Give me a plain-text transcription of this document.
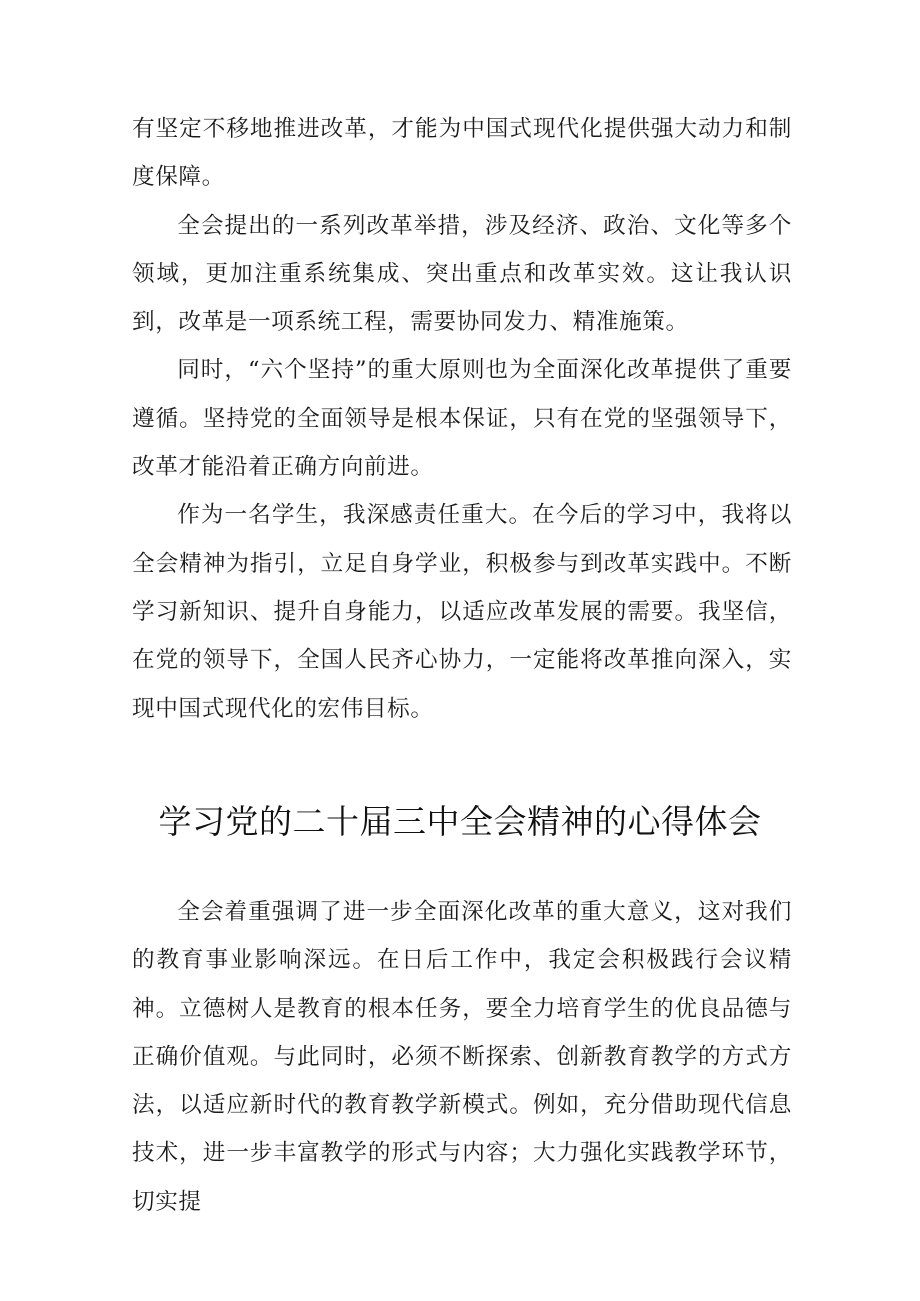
有坚定不移地推进改革，才能为中国式现代化提供强大动力和制度保障。

全会提出的一系列改革举措，涉及经济、政治、文化等多个领域，更加注重系统集成、突出重点和改革实效。这让我认识到，改革是一项系统工程，需要协同发力、精准施策。

同时，“六个坚持”的重大原则也为全面深化改革提供了重要遵循。坚持党的全面领导是根本保证，只有在党的坚强领导下，改革才能沿着正确方向前进。

作为一名学生，我深感责任重大。在今后的学习中，我将以全会精神为指引，立足自身学业，积极参与到改革实践中。不断学习新知识、提升自身能力，以适应改革发展的需要。我坚信，在党的领导下，全国人民齐心协力，一定能将改革推向深入，实现中国式现代化的宏伟目标。

学习党的二十届三中全会精神的心得体会

全会着重强调了进一步全面深化改革的重大意义，这对我们的教育事业影响深远。在日后工作中，我定会积极践行会议精神。立德树人是教育的根本任务，要全力培育学生的优良品德与正确价值观。与此同时，必须不断探索、创新教育教学的方式方法，以适应新时代的教育教学新模式。例如，充分借助现代信息技术，进一步丰富教学的形式与内容；大力强化实践教学环节，切实提
